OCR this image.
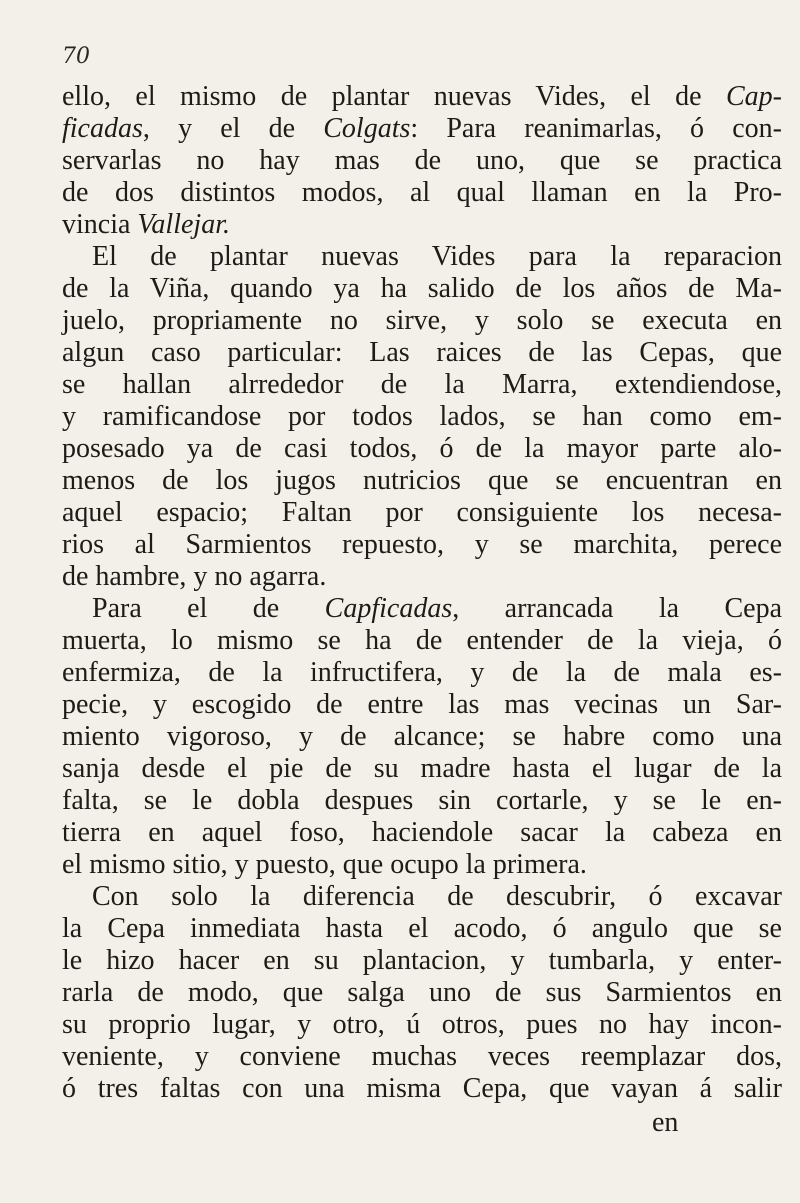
70
ello, el mismo de plantar nuevas Vides, el de Cap-
ficadas, y el de Colgats: Para reanimarlas, ó con-
servarlas no hay mas de uno, que se practica
de dos distintos modos, al qual llaman en la Pro-
vincia Vallejar.
El de plantar nuevas Vides para la reparacion
de la Viña, quando ya ha salido de los años de Ma-
juelo, propriamente no sirve, y solo se executa en
algun caso particular: Las raices de las Cepas, que
se hallan alrrededor de la Marra, extendiendose,
y ramificandose por todos lados, se han como em-
posesado ya de casi todos, ó de la mayor parte alo-
menos de los jugos nutricios que se encuentran en
aquel espacio; Faltan por consiguiente los necesa-
rios al Sarmientos repuesto, y se marchita, perece
de hambre, y no agarra.
Para el de Capficadas, arrancada la Cepa
muerta, lo mismo se ha de entender de la vieja, ó
enfermiza, de la infructifera, y de la de mala es-
pecie, y escogido de entre las mas vecinas un Sar-
miento vigoroso, y de alcance; se habre como una
sanja desde el pie de su madre hasta el lugar de la
falta, se le dobla despues sin cortarle, y se le en-
tierra en aquel foso, haciendole sacar la cabeza en
el mismo sitio, y puesto, que ocupo la primera.
Con solo la diferencia de descubrir, ó excavar
la Cepa inmediata hasta el acodo, ó angulo que se
le hizo hacer en su plantacion, y tumbarla, y enter-
rarla de modo, que salga uno de sus Sarmientos en
su proprio lugar, y otro, ú otros, pues no hay incon-
veniente, y conviene muchas veces reemplazar dos,
ó tres faltas con una misma Cepa, que vayan á salir
en
